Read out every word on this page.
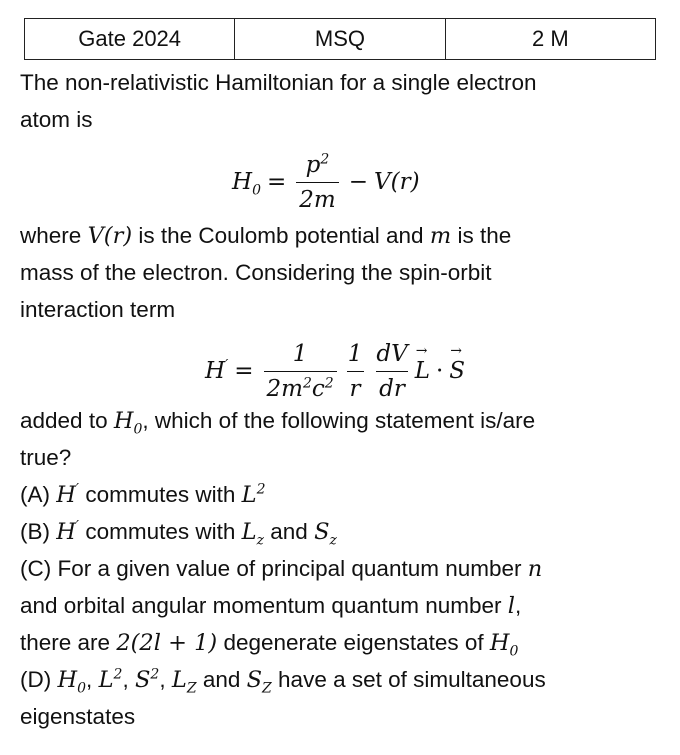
Gate 2024	MSQ	2 M
The non-relativistic Hamiltonian for a single electron
atom is
$H_0 = \frac{p^2}{2m} - V(r)$
where V(r) is the Coulomb potential and m is the
mass of the electron. Considering the spin-orbit
interaction term
$H' = \frac{1}{2m^2c^2} \frac{1}{r} \frac{dV}{dr}$
→ L ·
→ S
added to $H_0$, which of the following statement is/are
true?
(A) H′ commutes with $L^2$
(B) H′ commutes with $L_z$ and $S_z$
(C) For a given value of principal quantum number n
and orbital angular momentum quantum number l,
there are 2(2l + 1) degenerate eigenstates of $H_0$
(D) $H_0$, $L^2$, $S^2$, $L_Z$ and $S_Z$ have a set of simultaneous
eigenstates
